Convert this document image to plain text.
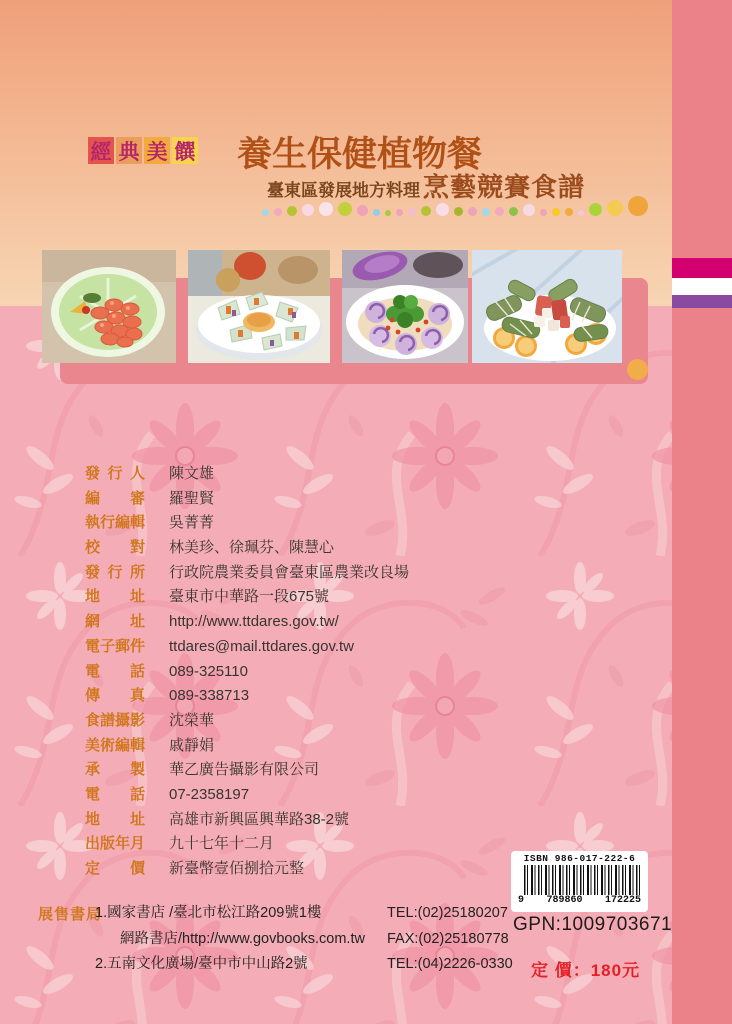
經 典 美 饌 養生保健植物餐
臺東區發展地方料理 烹藝競賽食譜
發 行 人 陳文雄
編 審 羅聖賢
執 行 編 輯 吳菁菁
校 對 林美珍、徐珮芬、陳慧心
發 行 所 行政院農業委員會臺東區農業改良場
地 址 臺東市中華路一段675號
網 址 http://www.ttdares.gov.tw/
電 子 郵 件 ttdares@mail.ttdares.gov.tw
電 話 089-325110
傳 真 089-338713
食 譜 攝 影 沈榮華
美 術 編 輯 戚靜娟
承 製 華乙廣告攝影有限公司
電 話 07-2358197
地 址 高雄市新興區興華路38-2號
出 版 年 月 九十七年十二月
定 價 新臺幣壹佰捌拾元整
ISBN 986-017-222-6
9 789860 172225
GPN:1009703671
定 價：180元
展售書局
1.國家書店 /臺北市松江路209號1樓	TEL:(02)25180207
網路書店/http://www.govbooks.com.tw FAX:(02)25180778
2.五南文化廣場/臺中市中山路2號	TEL:(04)2226-0330
